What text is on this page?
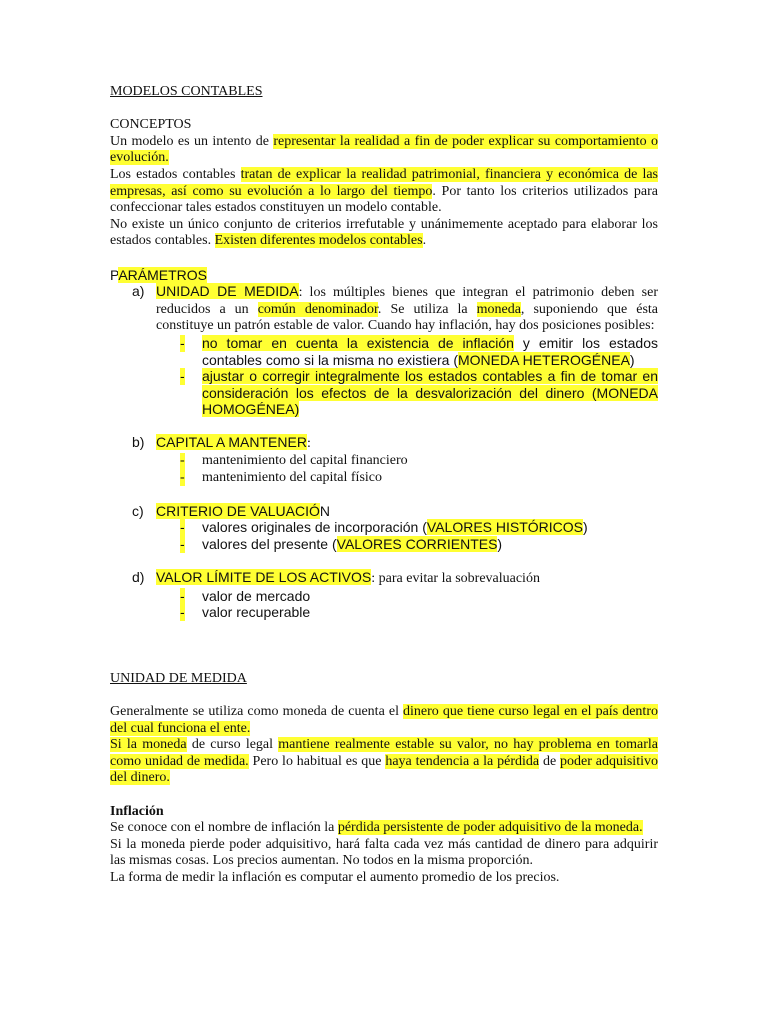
MODELOS CONTABLES

CONCEPTOS

Un modelo es un intento de representar la realidad a fin de poder explicar su comportamiento o evolución.

Los estados contables tratan de explicar la realidad patrimonial, financiera y económica de las empresas, así como su evolución a lo largo del tiempo. Por tanto los criterios utilizados para confeccionar tales estados constituyen un modelo contable.

No existe un único conjunto de criterios irrefutable y unánimemente aceptado para elaborar los estados contables. Existen diferentes modelos contables.

PARÁMETROS

a) UNIDAD DE MEDIDA: los múltiples bienes que integran el patrimonio deben ser reducidos a un común denominador. Se utiliza la moneda, suponiendo que ésta constituye un patrón estable de valor. Cuando hay inflación, hay dos posiciones posibles:
- no tomar en cuenta la existencia de inflación y emitir los estados contables como si la misma no existiera (MONEDA HETEROGÉNEA)
- ajustar o corregir integralmente los estados contables a fin de tomar en consideración los efectos de la desvalorización del dinero (MONEDA HOMOGÉNEA)
b) CAPITAL A MANTENER:
- mantenimiento del capital financiero
- mantenimiento del capital físico
c) CRITERIO DE VALUACIÓN
- valores originales de incorporación (VALORES HISTÓRICOS)
- valores del presente (VALORES CORRIENTES)
d) VALOR LÍMITE DE LOS ACTIVOS: para evitar la sobrevaluación
- valor de mercado
- valor recuperable

UNIDAD DE MEDIDA

Generalmente se utiliza como moneda de cuenta el dinero que tiene curso legal en el país dentro del cual funciona el ente.

Si la moneda de curso legal mantiene realmente estable su valor, no hay problema en tomarla como unidad de medida. Pero lo habitual es que haya tendencia a la pérdida de poder adquisitivo del dinero.

Inflación

Se conoce con el nombre de inflación la pérdida persistente de poder adquisitivo de la moneda.

Si la moneda pierde poder adquisitivo, hará falta cada vez más cantidad de dinero para adquirir las mismas cosas. Los precios aumentan. No todos en la misma proporción.

La forma de medir la inflación es computar el aumento promedio de los precios.
